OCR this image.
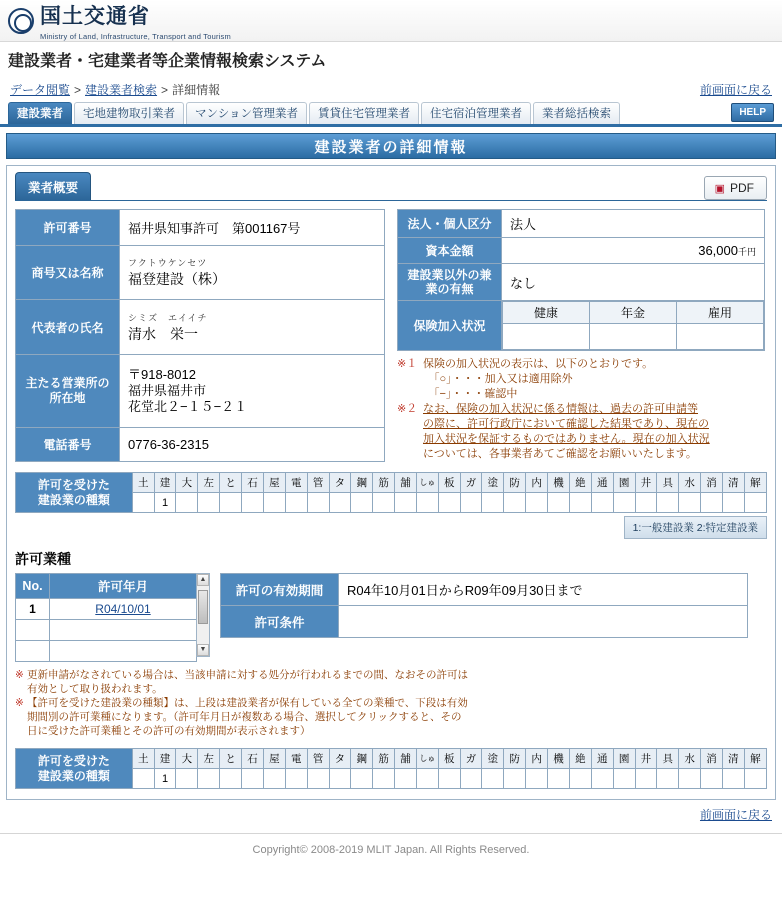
国土交通省
Ministry of Land, Infrastructure, Transport and Tourism
建設業者・宅建業者等企業情報検索システム
データ閲覧 > 建設業者検索 > 詳細情報	前画面に戻る
建設業者	宅地建物取引業者	マンション管理業者	賃貸住宅管理業者	住宅宿泊管理業者	業者総括検索	HELP
建設業者の詳細情報
業者概要	▣ PDF
許可番号	福井県知事許可　第001167号
商号又は名称	フクトウケンセツ
福登建設（株）

代表者の氏名	シミズ　エイイチ
清水　栄一

主たる営業所の
所在地	〒918-8012
福井県福井市
花堂北２−１５−２１
電話番号	0776-36-2315
法人・個人区分	法人
資本金額	36,000千円
建設業以外の兼業の有無	なし
保険加入状況	
健康	年金	雇用

※１ 保険の加入状況の表示は、以下のとおりです。
　「○」・・・加入又は適用除外
　「−」・・・確認中
※２ なお、保険の加入状況に係る情報は、過去の許可申請等
の際に、許可行政庁において確認した結果であり、現在の
加入状況を保証するものではありません。現在の加入状況
については、各事業者あてご確認をお願いいたします。
許可を受けた
建設業の種類	土	建	大	左	と	石	屋	電	管	タ	鋼	筋	舗	しゅ	板	ガ	塗	防	内	機	絶	通	園	井	具	水	消	清	解
		1																											
1:一般建設業 2:特定建設業
許可業種
No.	許可年月
1	R04/10/01

▲
▼
許可の有効期間	R04年10月01日からR09年09月30日まで
許可条件	
※ 更新申請がなされている場合は、当該申請に対する処分が行われるまでの間、なおその許可は
有効として取り扱われます。
※ 【許可を受けた建設業の種類】は、上段は建設業者が保有している全ての業種で、下段は有効
期間別の許可業種になります。（許可年月日が複数ある場合、選択してクリックすると、その
日に受けた許可業種とその許可の有効期間が表示されます）
許可を受けた
建設業の種類	土	建	大	左	と	石	屋	電	管	タ	鋼	筋	舗	しゅ	板	ガ	塗	防	内	機	絶	通	園	井	具	水	消	清	解
		1																											
前画面に戻る
Copyright© 2008-2019 MLIT Japan. All Rights Reserved.
